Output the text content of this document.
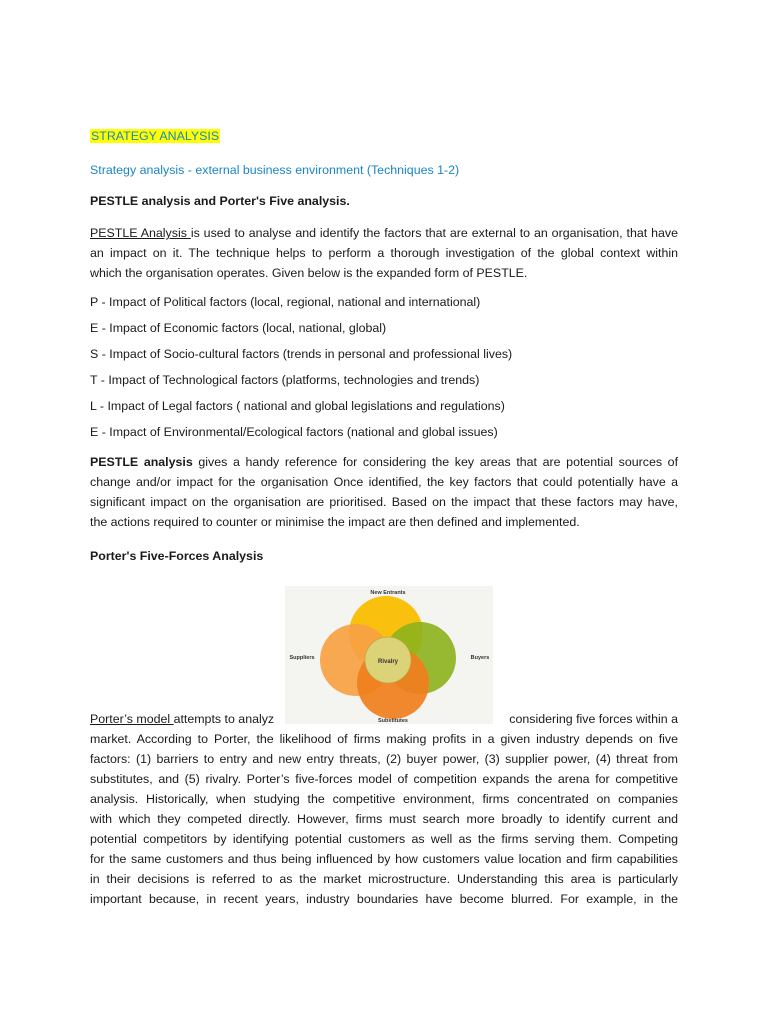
STRATEGY ANALYSIS
Strategy analysis - external business environment (Techniques 1-2)
PESTLE analysis and Porter's Five analysis.
PESTLE Analysis is used to analyse and identify the factors that are external to an organisation, that have
an impact on it. The technique helps to perform a thorough investigation of the global context within
which the organisation operates. Given below is the expanded form of PESTLE.
P - Impact of Political factors (local, regional, national and international)
E - Impact of Economic factors (local, national, global)
S - Impact of Socio-cultural factors (trends in personal and professional lives)
T - Impact of Technological factors (platforms, technologies and trends)
L - Impact of Legal factors ( national and global legislations and regulations)
E - Impact of Environmental/Ecological factors (national and global issues)
PESTLE analysis gives a handy reference for considering the key areas that are potential sources of
change and/or impact for the organisation Once identified, the key factors that could potentially have a
significant impact on the organisation are prioritised. Based on the impact that these factors may have,
the actions required to counter or minimise the impact are then defined and implemented.
Porter's Five-Forces Analysis
Porter’s model attempts to analyz	considering five forces within a
market. According to Porter, the likelihood of firms making profits in a given industry depends on five
factors: (1) barriers to entry and new entry threats, (2) buyer power, (3) supplier power, (4) threat from
substitutes, and (5) rivalry. Porter’s five-forces model of competition expands the arena for competitive
analysis. Historically, when studying the competitive environment, firms concentrated on companies
with which they competed directly. However, firms must search more broadly to identify current and
potential competitors by identifying potential customers as well as the firms serving them. Competing
for the same customers and thus being influenced by how customers value location and firm capabilities
in their decisions is referred to as the market microstructure. Understanding this area is particularly
important because, in recent years, industry boundaries have become blurred. For example, in the
New Entrants
Suppliers	Buyers
Substitutes
Rivalry
